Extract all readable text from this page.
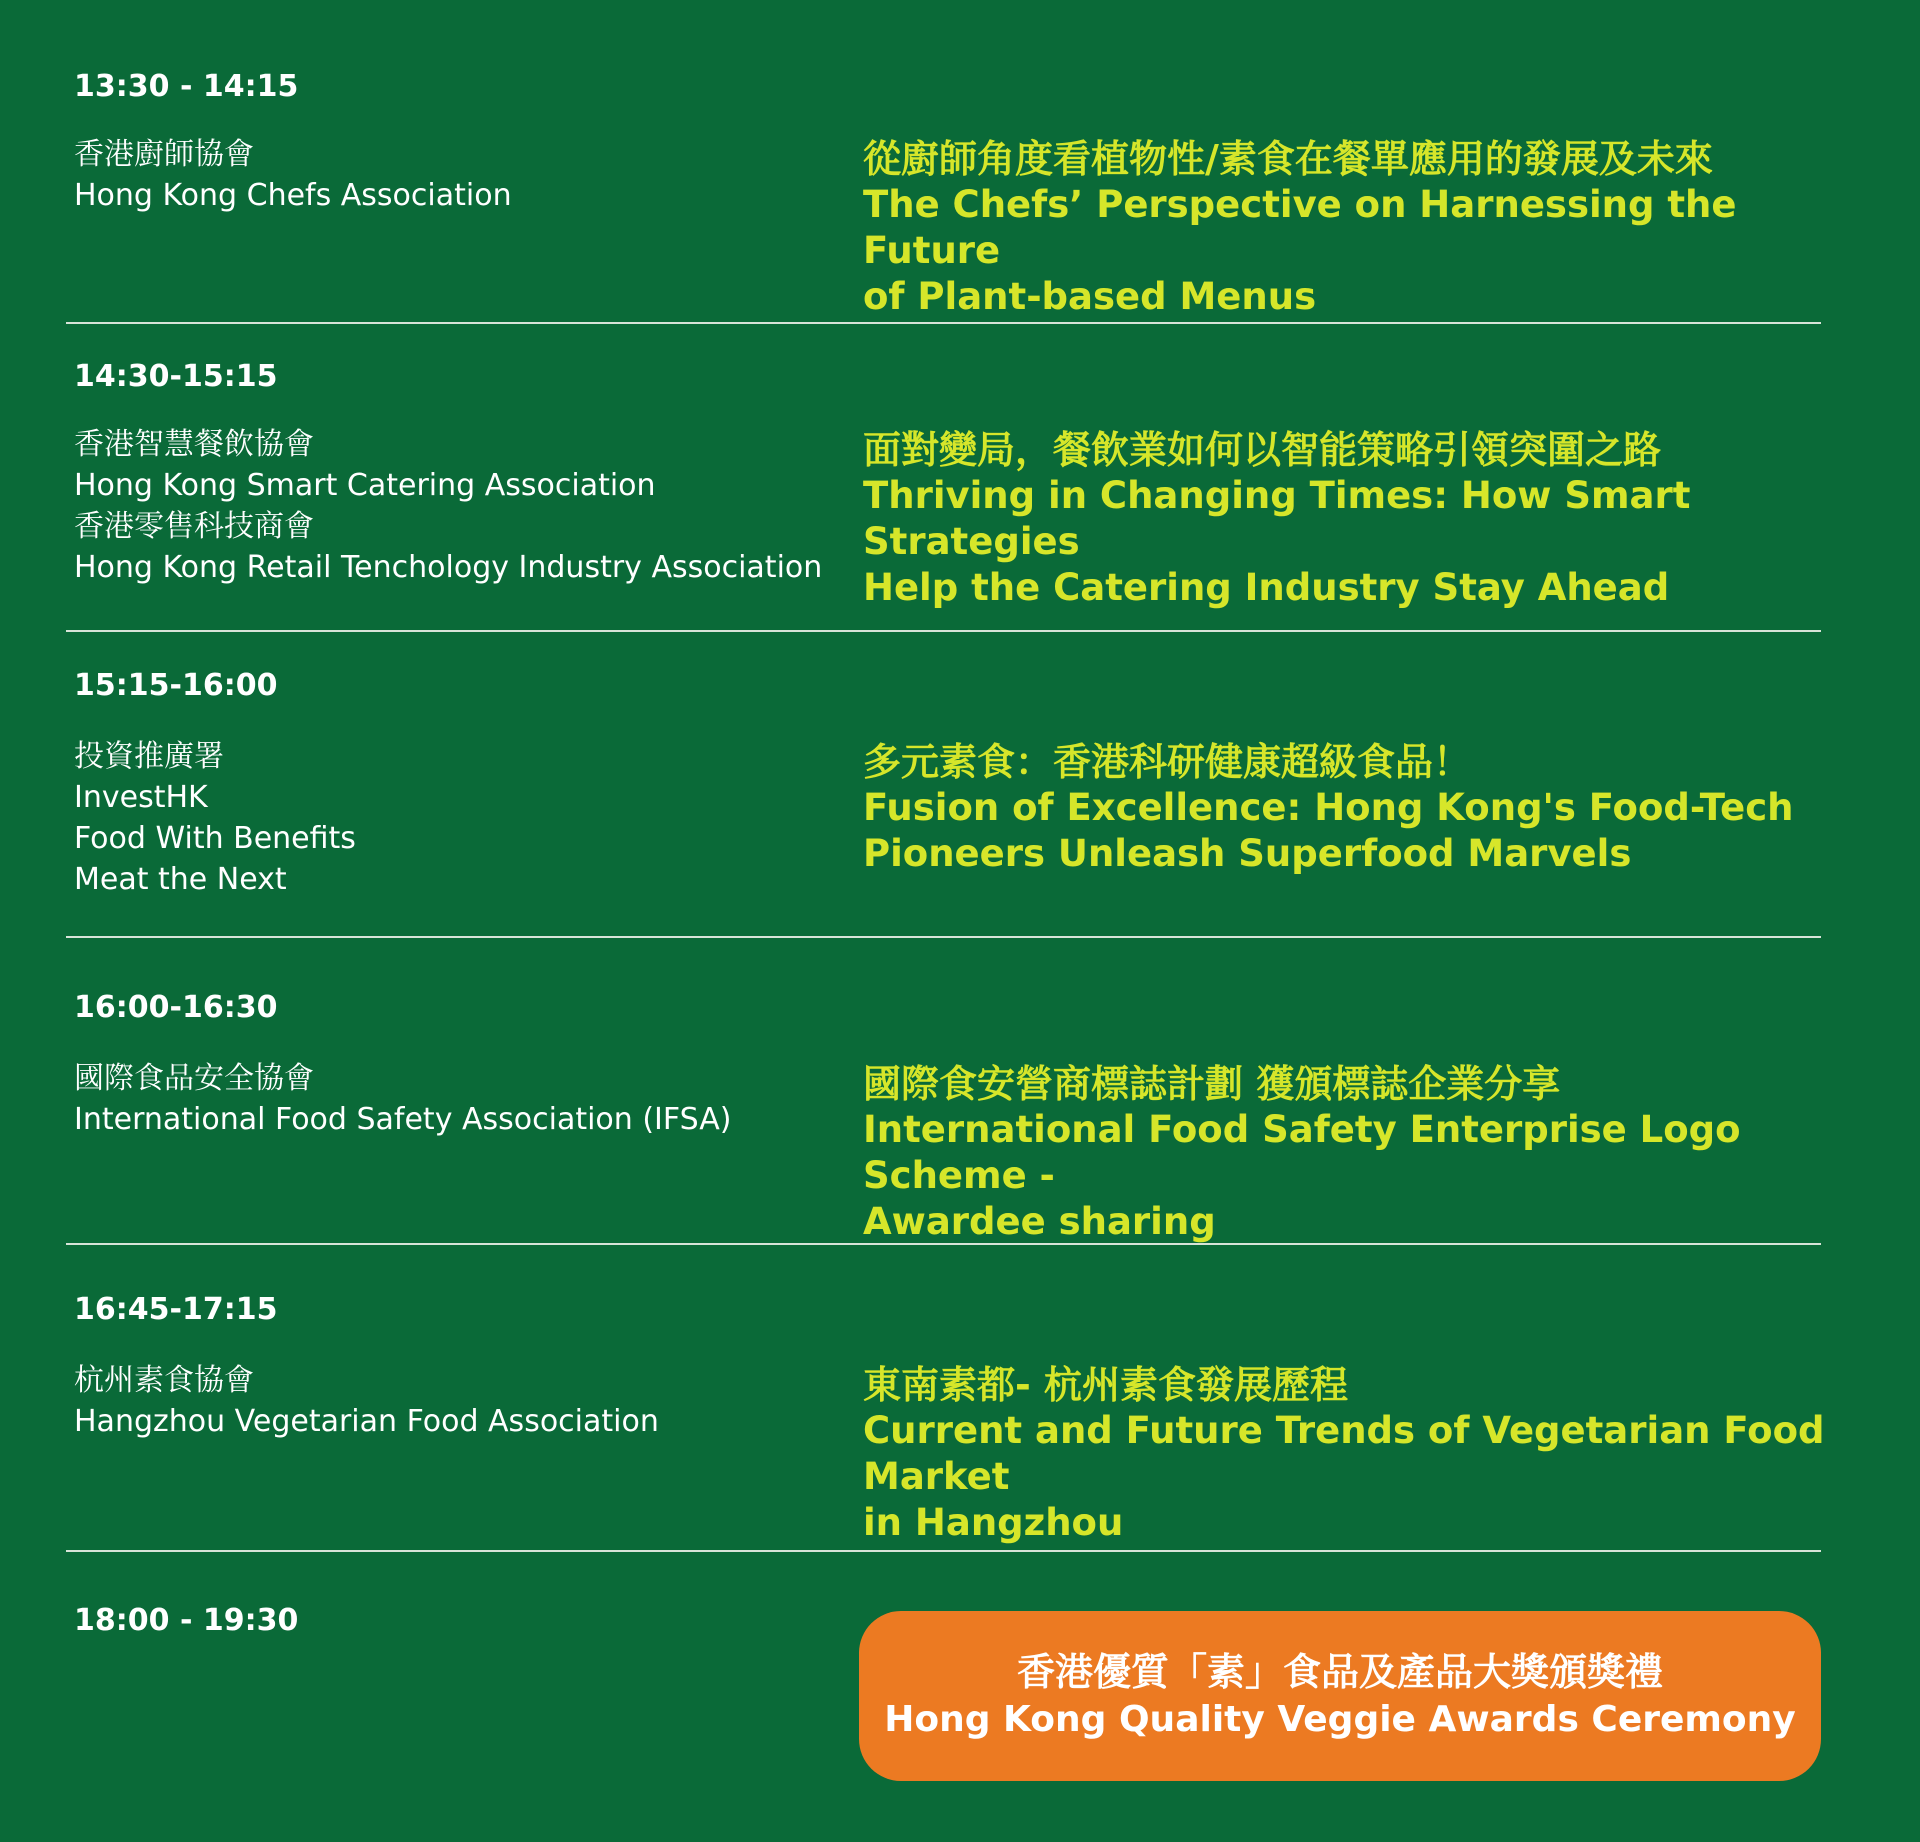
13:30 - 14:15
香港廚師協會
Hong Kong Chefs Association
從廚師角度看植物性/素食在餐單應用的發展及未來
The Chefs’ Perspective on Harnessing the Future
of Plant-based Menus
14:30-15:15
香港智慧餐飲協會
Hong Kong Smart Catering Association
香港零售科技商會
Hong Kong Retail Tenchology Industry Association
面對變局，餐飲業如何以智能策略引領突圍之路
Thriving in Changing Times: How Smart Strategies
Help the Catering Industry Stay Ahead
15:15-16:00
投資推廣署
InvestHK
Food With Benefits
Meat the Next
多元素食：香港科研健康超級食品！
Fusion of Excellence: Hong Kong's Food-Tech
Pioneers Unleash Superfood Marvels
16:00-16:30
國際食品安全協會
International Food Safety Association (IFSA)
國際食安營商標誌計劃 獲頒標誌企業分享
International Food Safety Enterprise Logo Scheme -
Awardee sharing
16:45-17:15
杭州素食協會
Hangzhou Vegetarian Food Association
東南素都- 杭州素食發展歷程
Current and Future Trends of Vegetarian Food Market
in Hangzhou
18:00 - 19:30
香港優質「素」食品及產品大獎頒獎禮
Hong Kong Quality Veggie Awards Ceremony
